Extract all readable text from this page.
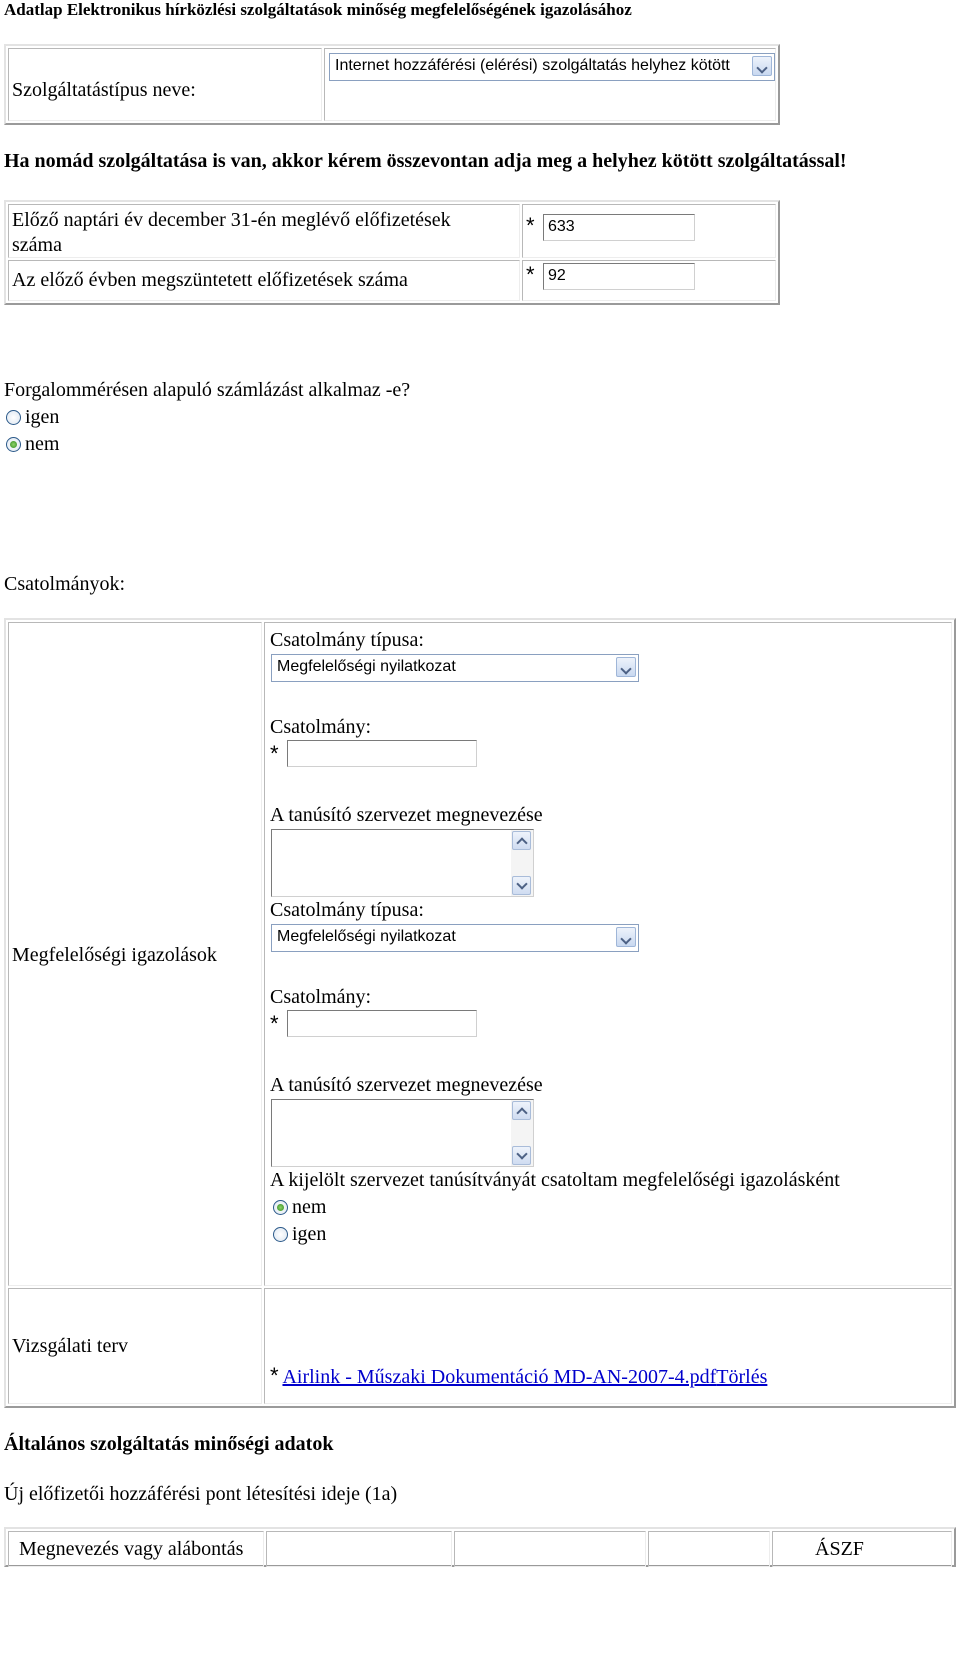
Adatlap Elektronikus hírközlési szolgáltatások minőség megfelelőségének igazolásához
Szolgáltatástípus neve:
Internet hozzáférési (elérési) szolgáltatás helyhez kötött
Ha nomád szolgáltatása is van, akkor kérem összevontan adja meg a helyhez kötött szolgáltatással!
Előző naptári év december 31-én meglévő előfizetések
száma
* 633
Az előző évben megszüntetett előfizetések száma	* 92
Forgalommérésen alapuló számlázást alkalmaz -e?
igen
nem
Csatolmányok:
Megfelelőségi igazolások
Csatolmány típusa:
Megfelelőségi nyilatkozat
Csatolmány:
*
A tanúsító szervezet megnevezése
Csatolmány típusa:
Megfelelőségi nyilatkozat
Csatolmány:
*
A tanúsító szervezet megnevezése
A kijelölt szervezet tanúsítványát csatoltam megfelelőségi igazolásként
nem
igen
Vizsgálati terv
* Airlink - Műszaki Dokumentáció MD-AN-2007-4.pdfTörlés
Általános szolgáltatás minőségi adatok
Új előfizetői hozzáférési pont létesítési ideje (1a)
Megnevezés vagy alábontás	ÁSZF
